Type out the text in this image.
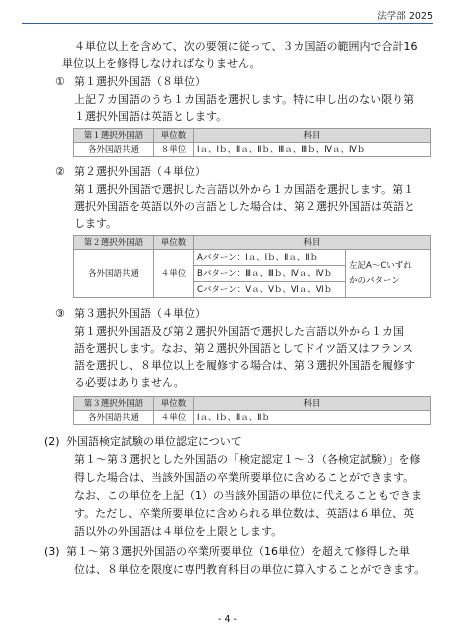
法学部 2025
４単位以上を含めて、次の要領に従って、３カ国語の範囲内で合計16
単位以上を修得しなければなりません。
① 第１選択外国語（８単位）
上記７カ国語のうち１カ国語を選択します。特に申し出のない限り第
１選択外国語は英語とします。
第１選択外国語	単位数	科目
各外国語共通	８単位	Ⅰａ、Ⅰｂ、Ⅱａ、Ⅱｂ、Ⅲａ、Ⅲｂ、Ⅳａ、Ⅳｂ
② 第２選択外国語（４単位）
第１選択外国語で選択した言語以外から１カ国語を選択します。第１
選択外国語を英語以外の言語とした場合は、第２選択外国語は英語と
します。
第２選択外国語	単位数	科目	
各外国語共通	４単位	Aパターン：Ⅰａ、Ⅰｂ、Ⅱａ、Ⅱｂ	左記A〜Cいずれ
かのパターン

		Bパターン：Ⅲａ、Ⅲｂ、Ⅳａ、Ⅳｂ	
		Cパターン：Ⅴａ、Ⅴｂ、Ⅵａ、Ⅵｂ	
③ 第３選択外国語（４単位）
第１選択外国語及び第２選択外国語で選択した言語以外から１カ国
語を選択します。なお、第２選択外国語としてドイツ語又はフランス
語を選択し、８単位以上を履修する場合は、第３選択外国語を履修す
る必要はありません。
第３選択外国語	単位数	科目
各外国語共通	４単位	Ⅰａ、Ⅰｂ、Ⅱａ、Ⅱｂ
(2) 外国語検定試験の単位認定について
第１〜第３選択とした外国語の「検定認定１〜３（各検定試験）」を修
得した場合は、当該外国語の卒業所要単位に含めることができます。
なお、この単位を上記（1）の当該外国語の単位に代えることもできま
す。ただし、卒業所要単位に含められる単位数は、英語は６単位、英
語以外の外国語は４単位を上限とします。
(3) 第１〜第３選択外国語の卒業所要単位（16単位）を超えて修得した単
位は、８単位を限度に専門教育科目の単位に算入することができます。
- 4 -
